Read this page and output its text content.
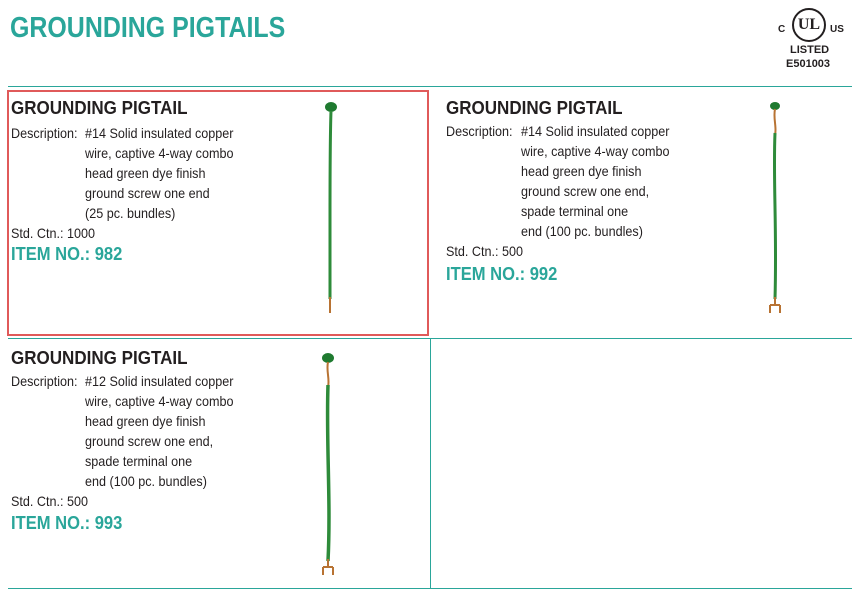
GROUNDING PIGTAILS	C UL US
LISTED
E501003
GROUNDING PIGTAIL
Description: #14 Solid insulated copper
wire, captive 4-way combo
head green dye finish
ground screw one end
(25 pc. bundles)
Std. Ctn.: 1000
ITEM NO.: 982
GROUNDING PIGTAIL
Description: #14 Solid insulated copper
wire, captive 4-way combo
head green dye finish
ground screw one end,
spade terminal one
end (100 pc. bundles)
Std. Ctn.: 500
ITEM NO.: 992
GROUNDING PIGTAIL
Description: #12 Solid insulated copper
wire, captive 4-way combo
head green dye finish
ground screw one end,
spade terminal one
end (100 pc. bundles)
Std. Ctn.: 500
ITEM NO.: 993
